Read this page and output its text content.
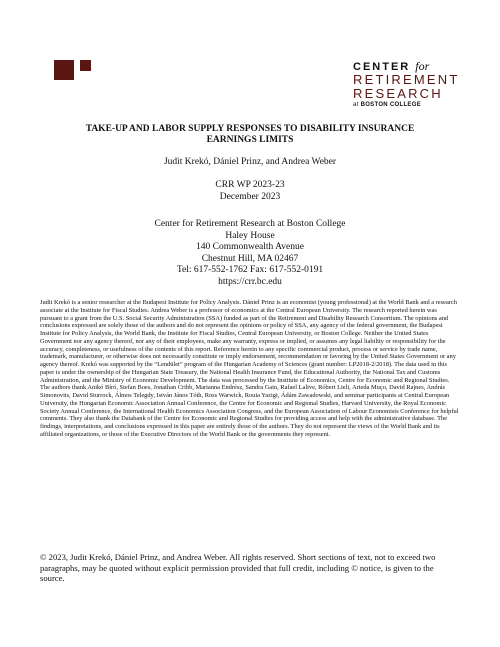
CENTER for
RETIREMENT
RESEARCH
at BOSTON COLLEGE
TAKE-UP AND LABOR SUPPLY RESPONSES TO DISABILITY INSURANCE
EARNINGS LIMITS
Judit Krekó, Dániel Prinz, and Andrea Weber
CRR WP 2023-23
December 2023
Center for Retirement Research at Boston College
Haley House
140 Commonwealth Avenue
Chestnut Hill, MA 02467
Tel: 617-552-1762 Fax: 617-552-0191
https://crr.bc.edu
Judit Krekó is a senior researcher at the Budapest Institute for Policy Analysis. Dániel Prinz is an economist (young professional) at the World Bank and a research associate at the Institute for Fiscal Studies. Andrea Weber is a professor of economics at the Central European University. The research reported herein was pursuant to a grant from the U.S. Social Security Administration (SSA) funded as part of the Retirement and Disability Research Consortium. The opinions and conclusions expressed are solely those of the authors and do not represent the opinions or policy of SSA, any agency of the federal government, the Budapest Institute for Policy Analysis, the World Bank, the Institute for Fiscal Studies, Central European University, or Boston College. Neither the United States Government nor any agency thereof, nor any of their employees, make any warranty, express or implied, or assumes any legal liability or responsibility for the accuracy, completeness, or usefulness of the contents of this report. Reference herein to any specific commercial product, process or service by trade name, trademark, manufacturer, or otherwise does not necessarily constitute or imply endorsement, recommendation or favoring by the United States Government or any agency thereof. Krekó was supported by the “Lendület” program of the Hungarian Academy of Sciences (grant number: LP2018-2/2018). The data used in this paper is under the ownership of the Hungarian State Treasury, the National Health Insurance Fund, the Educational Authority, the National Tax and Customs Administration, and the Ministry of Economic Development. The data was processed by the Institute of Economics, Centre for Economic and Regional Studies. The authors thank Anikó Bíró, Stefan Boes, Jonathan Cribb, Marianna Endrész, Sandra Gain, Rafael Lalive, Róbert Lieli, Arieda Muço, David Rajnes, András Simonovits, David Sturrock, Álmos Telegdy, István János Tóth, Ross Warwick, Rouia Yazigi, Ádám Zawadowski, and seminar participants at Central European University, the Hungarian Economic Association Annual Conference, the Centre for Economic and Regional Studies, Harvard University, the Royal Economic Society Annual Conference, the International Health Economics Association Congress, and the European Association of Labour Economists Conference for helpful comments. They also thank the Databank of the Centre for Economic and Regional Studies for providing access and help with the administrative database. The findings, interpretations, and conclusions expressed in this paper are entirely those of the authors. They do not represent the views of the World Bank and its affiliated organizations, or those of the Executive Directors of the World Bank or the governments they represent.
© 2023, Judit Krekó, Dániel Prinz, and Andrea Weber. All rights reserved. Short sections of text, not to exceed two paragraphs, may be quoted without explicit permission provided that full credit, including © notice, is given to the source.
